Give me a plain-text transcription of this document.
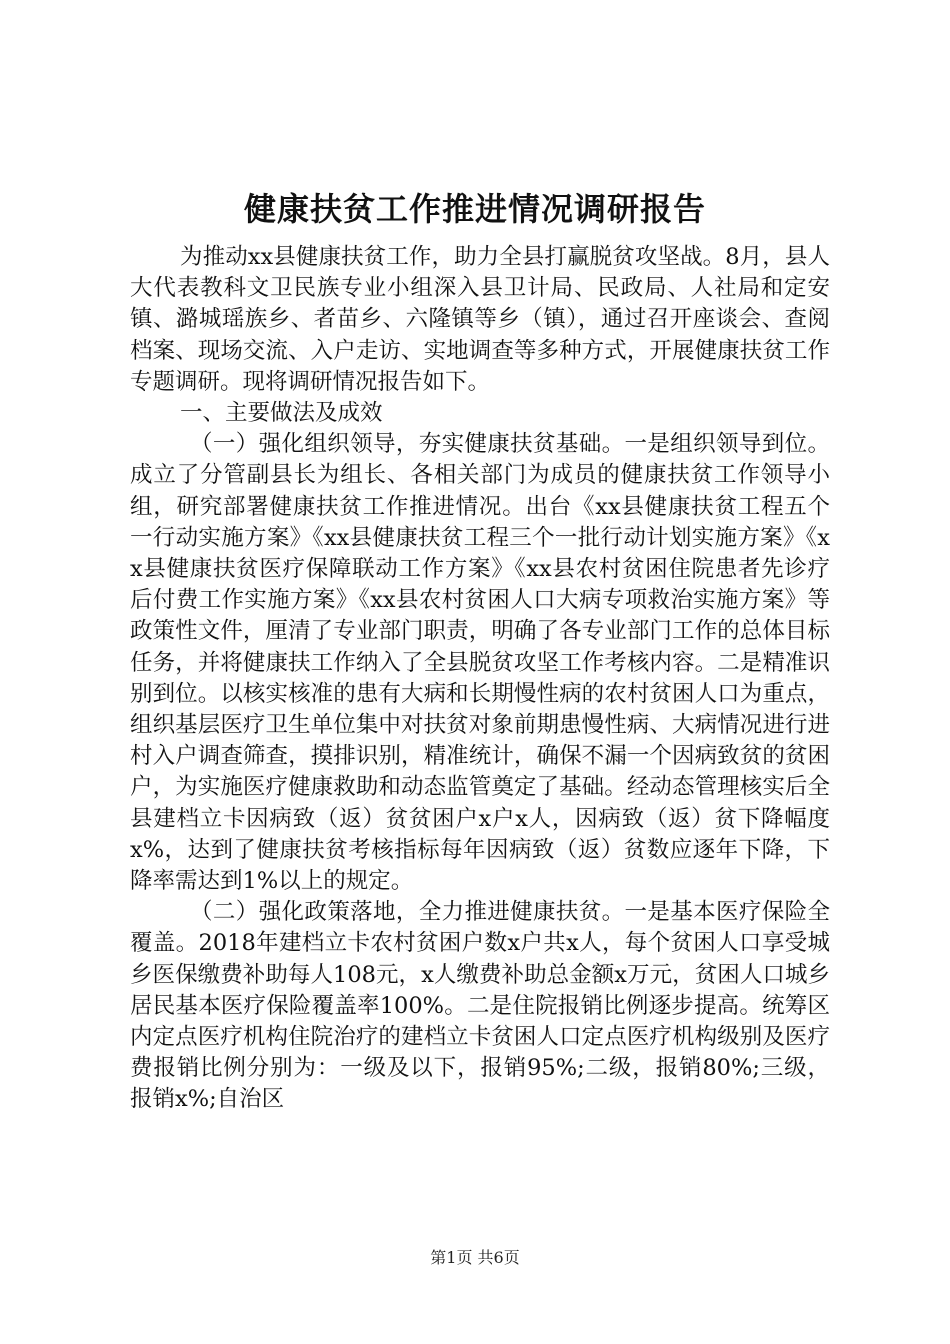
健康扶贫工作推进情况调研报告

为推动xx县健康扶贫工作，助力全县打赢脱贫攻坚战。8月，县人大代表教科文卫民族专业小组深入县卫计局、民政局、人社局和定安镇、潞城瑶族乡、者苗乡、六隆镇等乡（镇），通过召开座谈会、查阅档案、现场交流、入户走访、实地调查等多种方式，开展健康扶贫工作专题调研。现将调研情况报告如下。

一、主要做法及成效

（一）强化组织领导，夯实健康扶贫基础。一是组织领导到位。成立了分管副县长为组长、各相关部门为成员的健康扶贫工作领导小组，研究部署健康扶贫工作推进情况。出台《xx县健康扶贫工程五个一行动实施方案》《xx县健康扶贫工程三个一批行动计划实施方案》《xx县健康扶贫医疗保障联动工作方案》《xx县农村贫困住院患者先诊疗后付费工作实施方案》《xx县农村贫困人口大病专项救治实施方案》等政策性文件，厘清了专业部门职责，明确了各专业部门工作的总体目标任务，并将健康扶工作纳入了全县脱贫攻坚工作考核内容。二是精准识别到位。以核实核准的患有大病和长期慢性病的农村贫困人口为重点，组织基层医疗卫生单位集中对扶贫对象前期患慢性病、大病情况进行进村入户调查筛查，摸排识别，精准统计，确保不漏一个因病致贫的贫困户，为实施医疗健康救助和动态监管奠定了基础。经动态管理核实后全县建档立卡因病致（返）贫贫困户x户x人，因病致（返）贫下降幅度x%，达到了健康扶贫考核指标每年因病致（返）贫数应逐年下降，下降率需达到1%以上的规定。

（二）强化政策落地，全力推进健康扶贫。一是基本医疗保险全覆盖。2018年建档立卡农村贫困户数x户共x人，每个贫困人口享受城乡医保缴费补助每人108元，x人缴费补助总金额x万元，贫困人口城乡居民基本医疗保险覆盖率100%。二是住院报销比例逐步提高。统筹区内定点医疗机构住院治疗的建档立卡贫困人口定点医疗机构级别及医疗费报销比例分别为：一级及以下，报销95%;二级，报销80%;三级，报销x%;自治区

第1页 共6页
